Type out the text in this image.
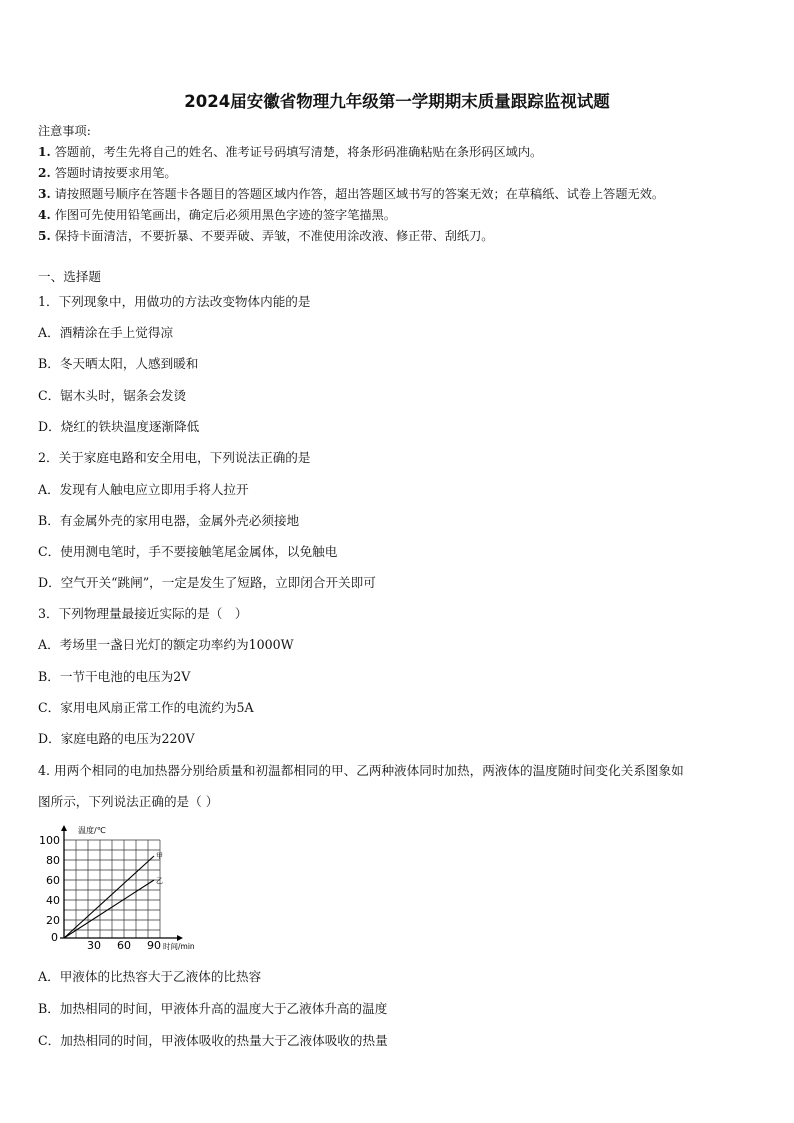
2024届安徽省物理九年级第一学期期末质量跟踪监视试题
注意事项:
1. 答题前，考生先将自己的姓名、准考证号码填写清楚，将条形码准确粘贴在条形码区域内。
2. 答题时请按要求用笔。
3. 请按照题号顺序在答题卡各题目的答题区域内作答，超出答题区域书写的答案无效；在草稿纸、试卷上答题无效。
4. 作图可先使用铅笔画出，确定后必须用黑色字迹的签字笔描黑。
5. 保持卡面清洁，不要折暴、不要弄破、弄皱，不准使用涂改液、修正带、刮纸刀。
一、选择题
1．下列现象中，用做功的方法改变物体内能的是
A．酒精涂在手上觉得凉
B．冬天晒太阳，人感到暖和
C．锯木头时，锯条会发烫
D．烧红的铁块温度逐渐降低
2．关于家庭电路和安全用电，下列说法正确的是
A．发现有人触电应立即用手将人拉开
B．有金属外壳的家用电器，金属外壳必须接地
C．使用测电笔时，手不要接触笔尾金属体，以免触电
D．空气开关“跳闸”，一定是发生了短路，立即闭合开关即可
3．下列物理量最接近实际的是（　）
A．考场里一盏日光灯的额定功率约为1000W
B．一节干电池的电压为2V
C．家用电风扇正常工作的电流约为5A
D．家庭电路的电压为220V
4. 用两个相同的电加热器分别给质量和初温都相同的甲、乙两种液体同时加热，两液体的温度随时间变化关系图象如
图所示，下列说法正确的是（ ）
温度/℃
甲
乙
100
80
60
40
20
0
30 60 90 时间/min
A．甲液体的比热容大于乙液体的比热容
B．加热相同的时间，甲液体升高的温度大于乙液体升高的温度
C．加热相同的时间，甲液体吸收的热量大于乙液体吸收的热量
